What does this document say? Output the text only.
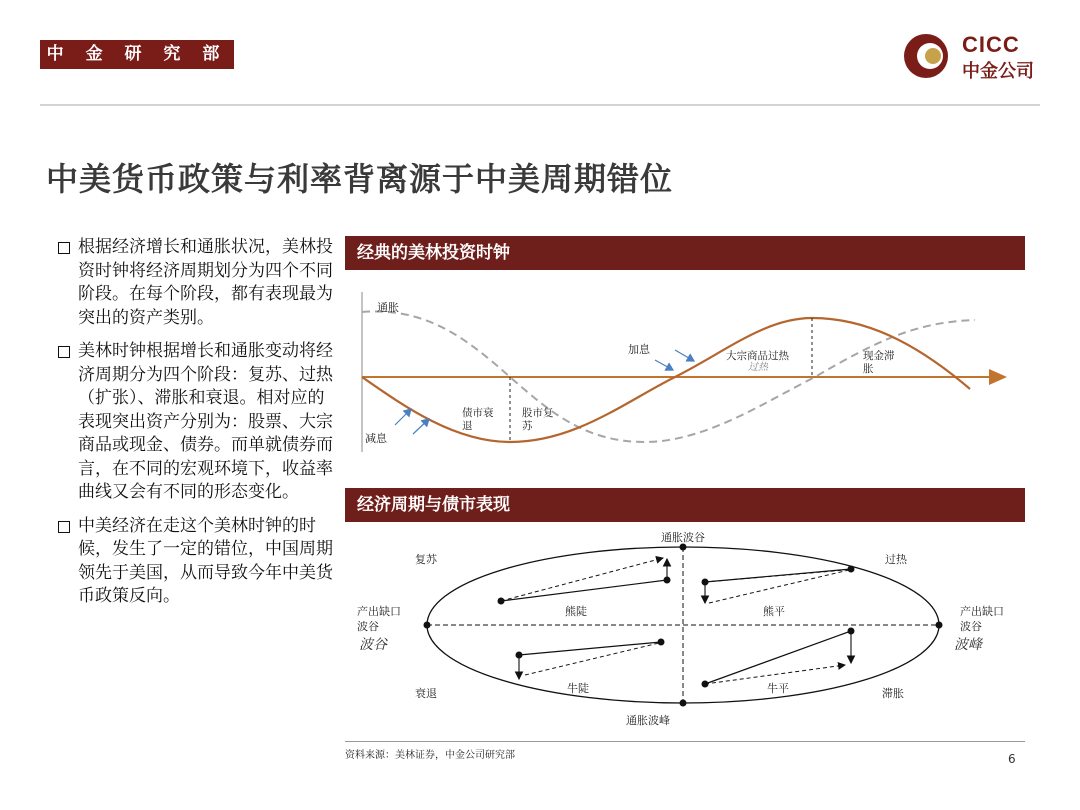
中 金 研 究 部	CICC
中金公司
中美货币政策与利率背离源于中美周期错位
根据经济增长和通胀状况，美林投资时钟将经济周期划分为四个不同阶段。在每个阶段，都有表现最为突出的资产类别。
美林时钟根据增长和通胀变动将经济周期分为四个阶段：复苏、过热（扩张）、滞胀和衰退。相对应的表现突出资产分别为：股票、大宗商品或现金、债券。而单就债券而言，在不同的宏观环境下，收益率曲线又会有不同的形态变化。
中美经济在走这个美林时钟的时候，发生了一定的错位，中国周期领先于美国，从而导致今年中美货币政策反向。
经典的美林投资时钟
通胀
加息
减息
债市衰
退
股市复
苏
大宗商品过热
过热
现金滞
胀
经济周期与债市表现
通胀波谷
通胀波峰
复苏	过热
衰退	滞胀
产出缺口
波谷
波谷
产出缺口
波谷
波峰
熊陡	熊平
牛陡	牛平
资料来源：美林证券，中金公司研究部	6
